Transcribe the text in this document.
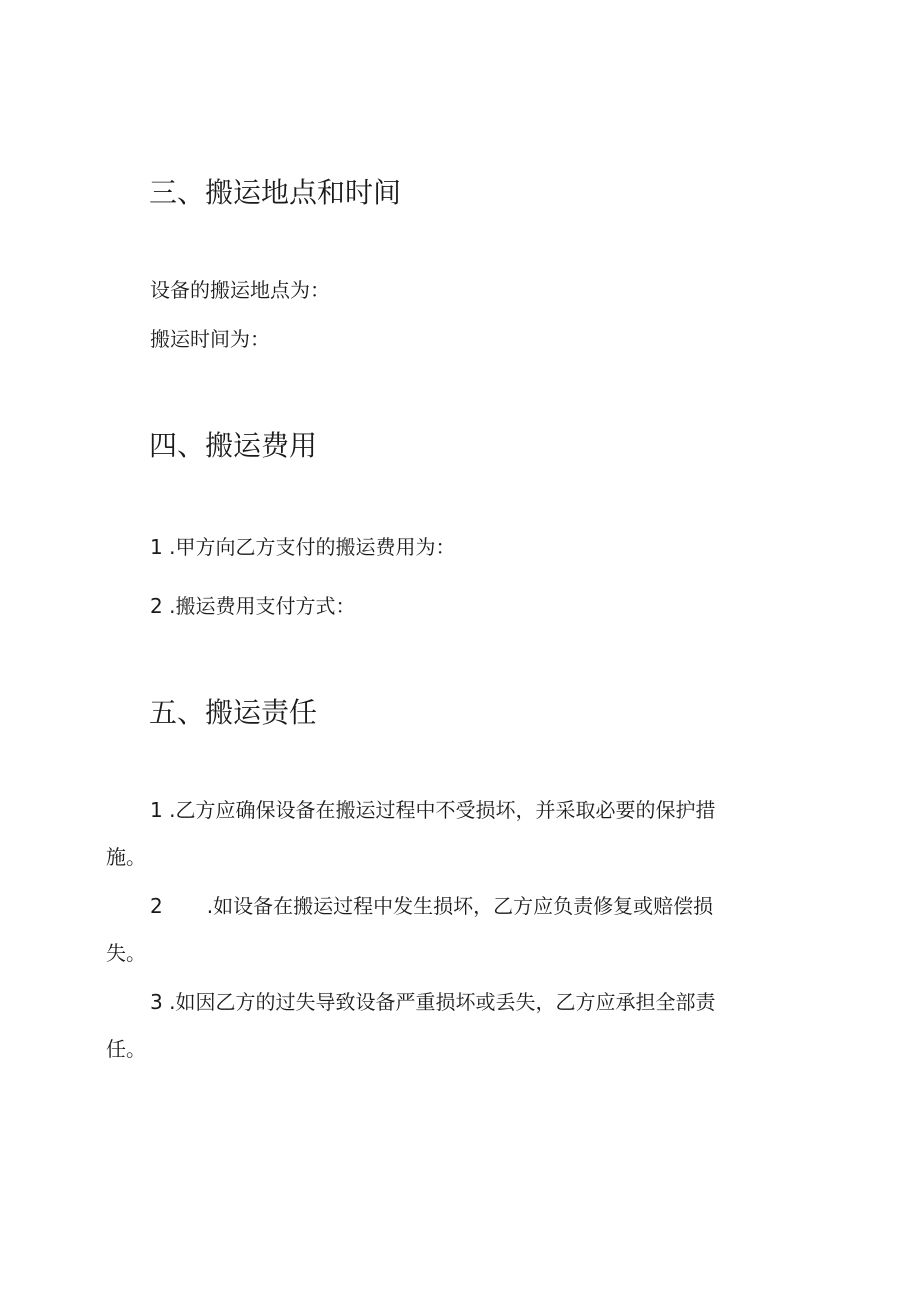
三、搬运地点和时间

设备的搬运地点为：

搬运时间为：

四、搬运费用

1 .甲方向乙方支付的搬运费用为：

2 .搬运费用支付方式：

五、搬运责任

1 .乙方应确保设备在搬运过程中不受损坏，并采取必要的保护措

施。

2 .如设备在搬运过程中发生损坏，乙方应负责修复或赔偿损

失。

3 .如因乙方的过失导致设备严重损坏或丢失，乙方应承担全部责

任。
